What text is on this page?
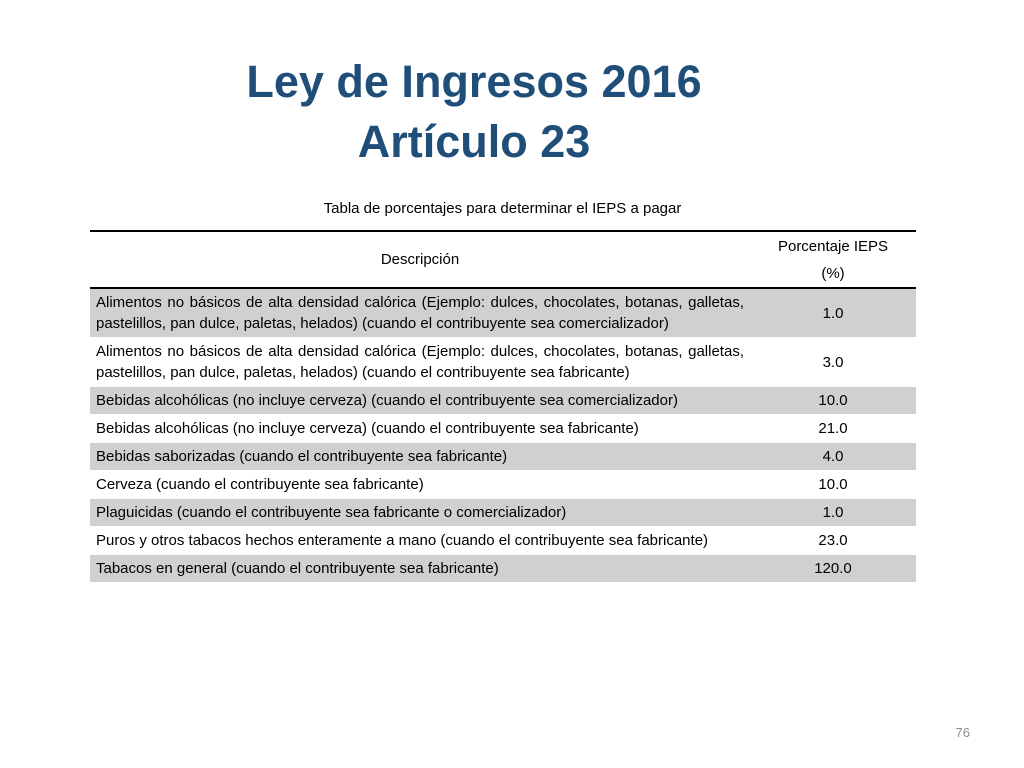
Ley de Ingresos 2016
Artículo 23
Tabla de porcentajes para determinar el IEPS a pagar
Descripción	Porcentaje IEPS
(%)

Alimentos no básicos de alta densidad calórica (Ejemplo: dulces, chocolates, botanas, galletas, pastelillos, pan dulce, paletas, helados) (cuando el contribuyente sea comercializador)	1.0
Alimentos no básicos de alta densidad calórica (Ejemplo: dulces, chocolates, botanas, galletas, pastelillos, pan dulce, paletas, helados) (cuando el contribuyente sea fabricante)	3.0
Bebidas alcohólicas (no incluye cerveza) (cuando el contribuyente sea comercializador)	10.0
Bebidas alcohólicas (no incluye cerveza) (cuando el contribuyente sea fabricante)	21.0
Bebidas saborizadas (cuando el contribuyente sea fabricante)	4.0
Cerveza (cuando el contribuyente sea fabricante)	10.0
Plaguicidas (cuando el contribuyente sea fabricante o comercializador)	1.0
Puros y otros tabacos hechos enteramente a mano (cuando el contribuyente sea fabricante)	23.0
Tabacos en general (cuando el contribuyente sea fabricante)	120.0
76
